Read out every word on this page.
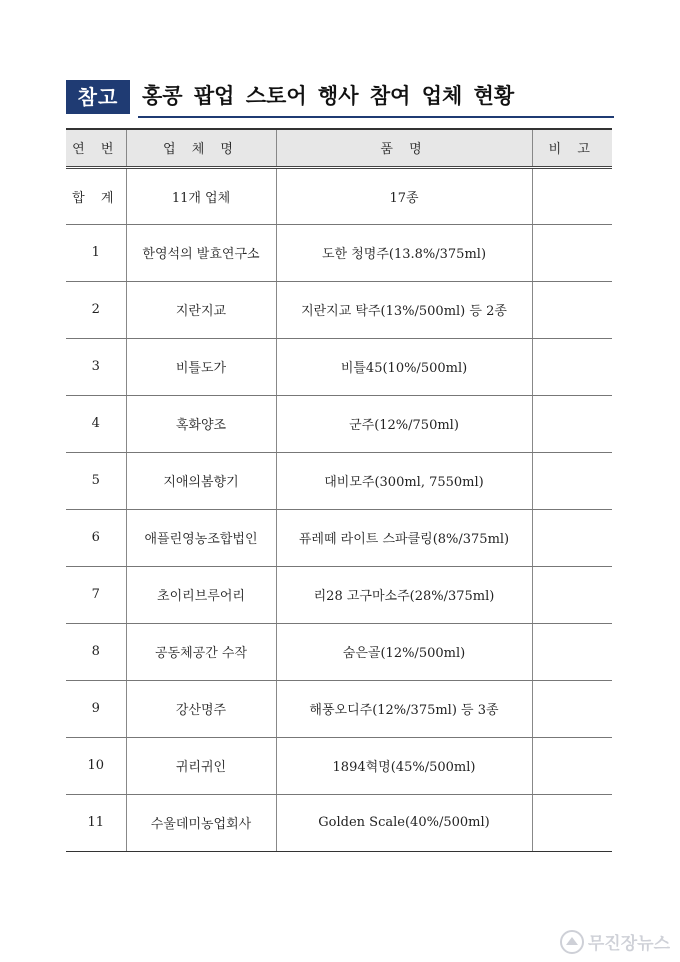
참고	홍콩 팝업 스토어 행사 참여 업체 현황
연 번	업 체 명	품 명	비 고
합 계	11개 업체	17종	
1	한영석의 발효연구소	도한 청명주(13.8%/375ml)	
2	지란지교	지란지교 탁주(13%/500ml) 등 2종	
3	비틀도가	비틀45(10%/500ml)	
4	혹화양조	군주(12%/750ml)	
5	지애의봄향기	대비모주(300ml, 7550ml)	
6	애플린영농조합법인	퓨레떼 라이트 스파클링(8%/375ml)	
7	초이리브루어리	리28 고구마소주(28%/375ml)	
8	공동체공간 수작	숨은골(12%/500ml)	
9	강산명주	해풍오디주(12%/375ml) 등 3종	
10	귀리귀인	1894혁명(45%/500ml)	
11	수울데미농업회사	Golden Scale(40%/500ml)	
무진장뉴스
